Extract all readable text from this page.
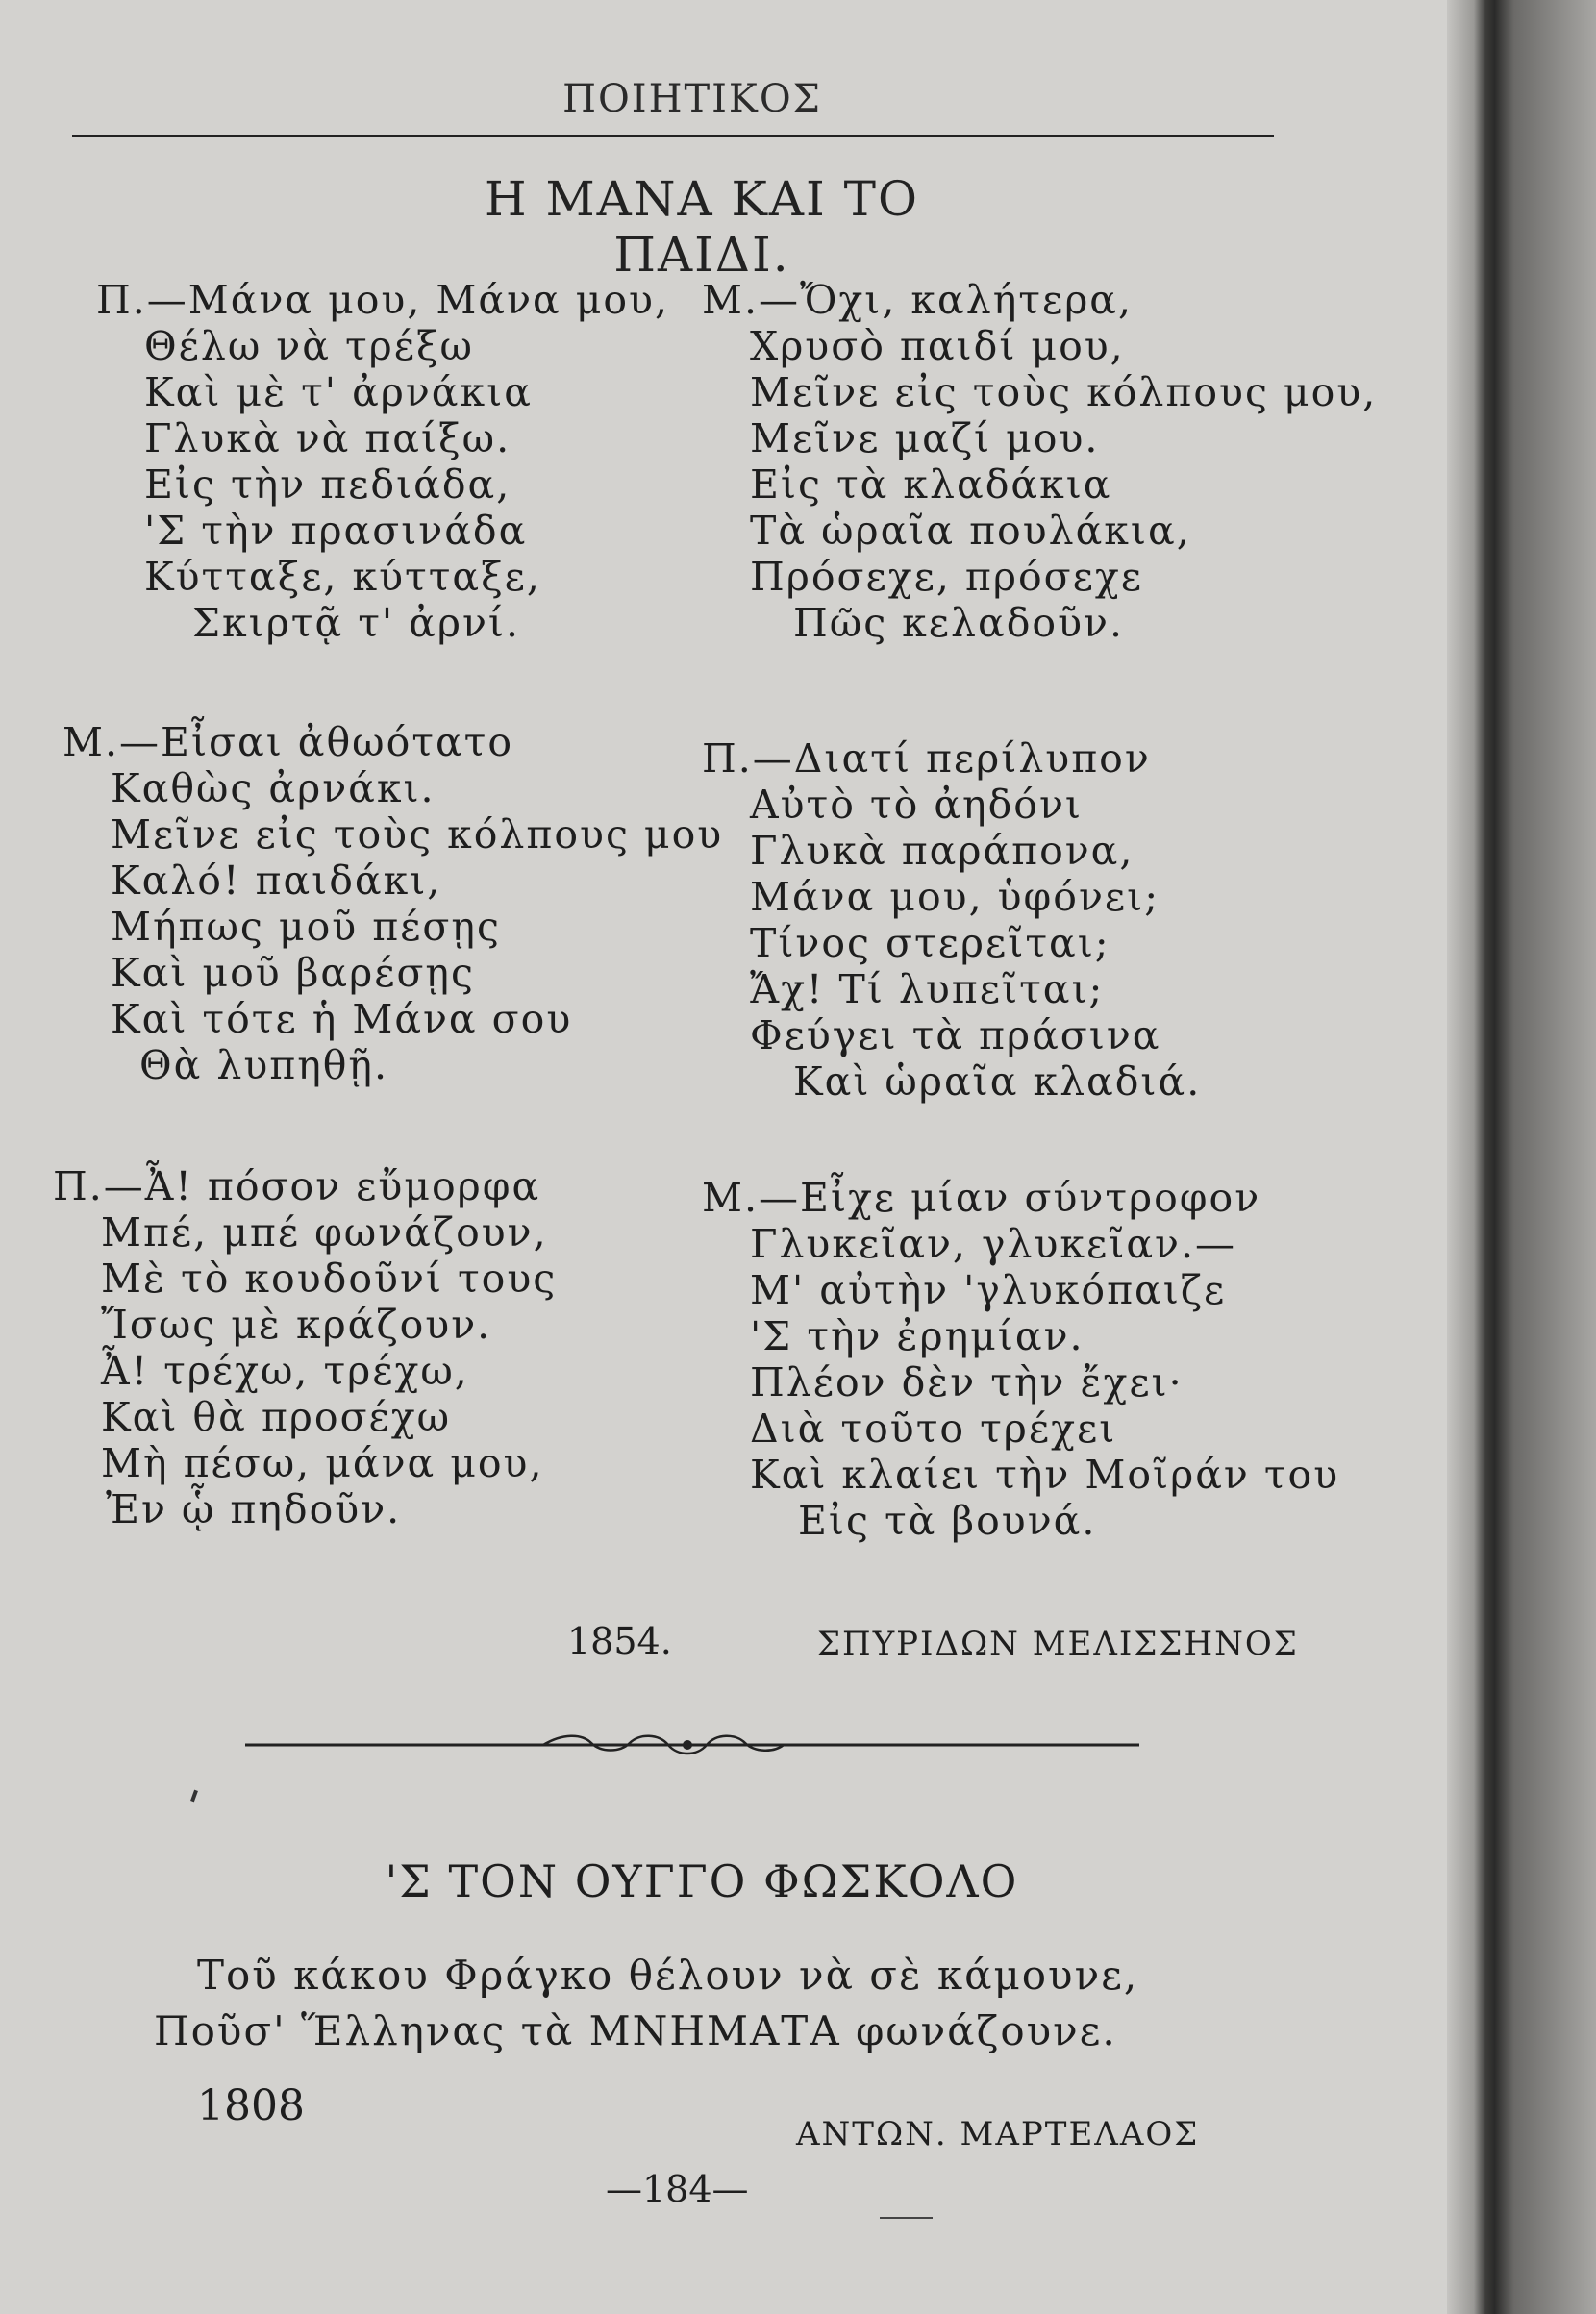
ΠΟΙΗΤΙΚΟΣ
Η ΜΑΝΑ ΚΑΙ ΤΟ ΠΑΙΔΙ.
Π.—Μάνα μου, Μάνα μου,
Θέλω νὰ τρέξω
Καὶ μὲ τ' ἀρνάκια
Γλυκὰ νὰ παίξω.
Εἰς τὴν πεδιάδα,
'Σ τὴν πρασινάδα
Κύτταξε, κύτταξε,
Σκιρτᾷ τ' ἀρνί.
Μ.—Εἶσαι ἀθωότατο
Καθὼς ἀρνάκι.
Μεῖνε εἰς τοὺς κόλπους μου
Καλό! παιδάκι,
Μήπως μοῦ πέσῃς
Καὶ μοῦ βαρέσῃς
Καὶ τότε ἡ Μάνα σου
Θὰ λυπηθῇ.
Π.—Ἆ! πόσον εὔμορφα
Μπέ, μπέ φωνάζουν,
Μὲ τὸ κουδοῦνί τους
Ἴσως μὲ κράζουν.
Ἆ! τρέχω, τρέχω,
Καὶ θὰ προσέχω
Μὴ πέσω, μάνα μου,
Ἐν ᾧ πηδοῦν.
Μ.—Ὄχι, καλήτερα,
Χρυσὸ παιδί μου,
Μεῖνε εἰς τοὺς κόλπους μου,
Μεῖνε μαζί μου.
Εἰς τὰ κλαδάκια
Τὰ ὡραῖα πουλάκια,
Πρόσεχε, πρόσεχε
Πῶς κελαδοῦν.
Π.—Διατί περίλυπον
Αὐτὸ τὸ ἀηδόνι
Γλυκὰ παράπονα,
Μάνα μου, ὑφόνει;
Τίνος στερεῖται;
Ἄχ! Τί λυπεῖται;
Φεύγει τὰ πράσινα
Καὶ ὡραῖα κλαδιά.
Μ.—Εἶχε μίαν σύντροφον
Γλυκεῖαν, γλυκεῖαν.—
Μ' αὐτὴν 'γλυκόπαιζε
'Σ τὴν ἐρημίαν.
Πλέον δὲν τὴν ἔχει·
Διὰ τοῦτο τρέχει
Καὶ κλαίει τὴν Μοῖράν του
Εἰς τὰ βουνά.
1854.	ΣΠΥΡΙΔΩΝ ΜΕΛΙΣΣΗΝΟΣ
'Σ ΤΟΝ ΟΥΓΓΟ ΦΩΣΚΟΛΟ
Τοῦ κάκου Φράγκο θέλουν νὰ σὲ κάμουνε,
Ποῦσ' Ἕλληνας τὰ ΜΝΗΜΑΤΑ φωνάζουνε.
1808
ΑΝΤΩΝ. ΜΑΡΤΕΛΑΟΣ
—184—
